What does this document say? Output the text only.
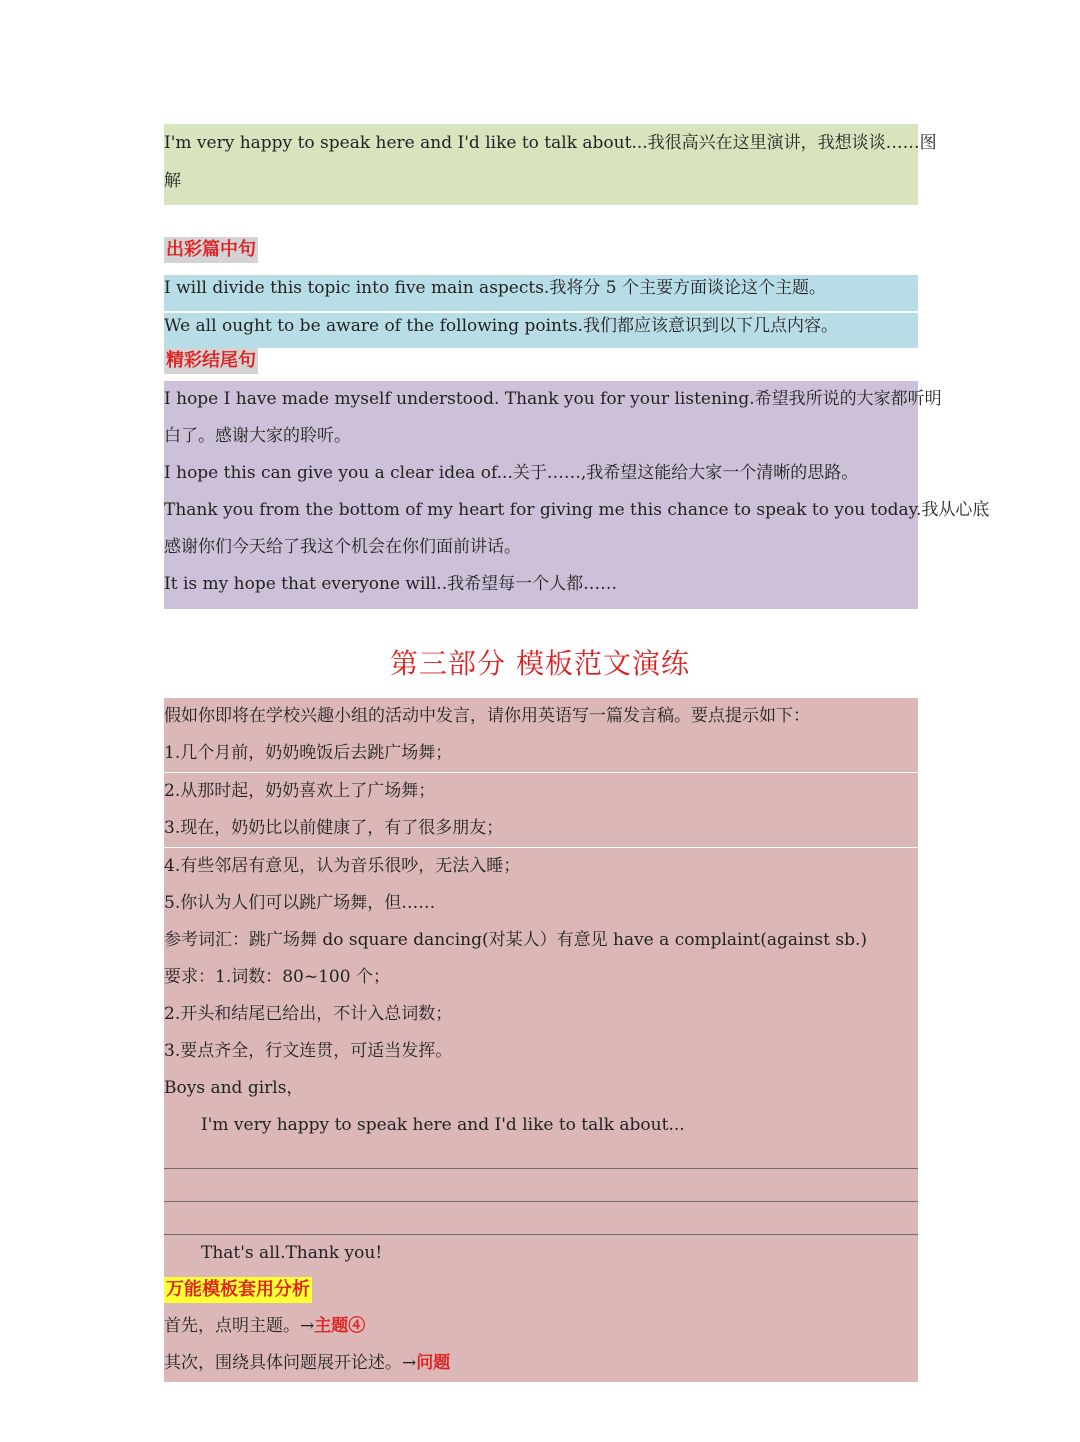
I'm very happy to speak here and I'd like to talk about...我很高兴在这里演讲，我想谈谈……图
解
出彩篇中句
I will divide this topic into five main aspects.我将分 5 个主要方面谈论这个主题。
We all ought to be aware of the following points.我们都应该意识到以下几点内容。
精彩结尾句
I hope I have made myself understood. Thank you for your listening.希望我所说的大家都听明
白了。感谢大家的聆听。
I hope this can give you a clear idea of...关于……,我希望这能给大家一个清晰的思路。
Thank you from the bottom of my heart for giving me this chance to speak to you today.我从心底
感谢你们今天给了我这个机会在你们面前讲话。
It is my hope that everyone will..我希望每一个人都……
第三部分 模板范文演练
假如你即将在学校兴趣小组的活动中发言，请你用英语写一篇发言稿。要点提示如下：
1.几个月前，奶奶晚饭后去跳广场舞；
2.从那时起，奶奶喜欢上了广场舞；
3.现在，奶奶比以前健康了，有了很多朋友；
4.有些邻居有意见，认为音乐很吵，无法入睡；
5.你认为人们可以跳广场舞，但……
参考词汇：跳广场舞 do square dancing(对某人）有意见 have a complaint(against sb.)
要求：1.词数：80~100 个；
2.开头和结尾已给出，不计入总词数；
3.要点齐全，行文连贯，可适当发挥。
Boys and girls，
I'm very happy to speak here and I'd like to talk about...
That's all.Thank you!
万能模板套用分析
首先，点明主题。→主题④
其次，围绕具体问题展开论述。→问题
